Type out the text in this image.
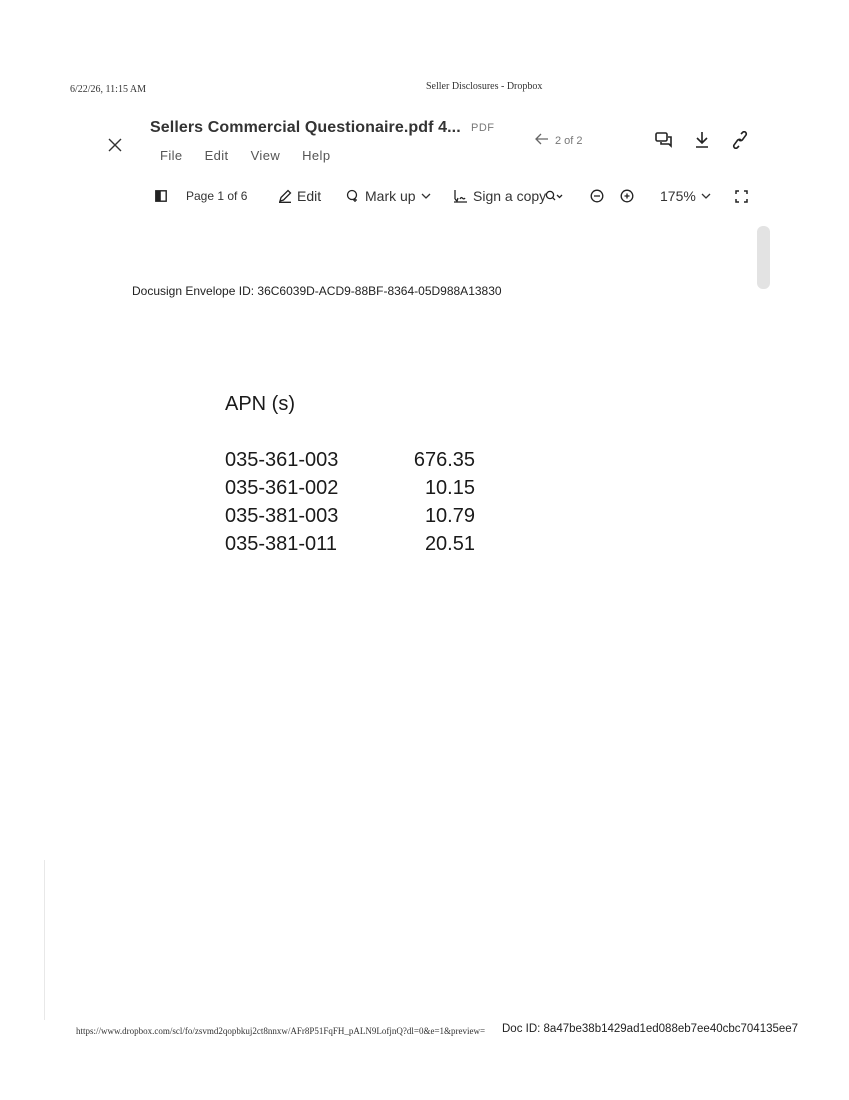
6/22/26, 11:15 AM	Seller Disclosures - Dropbox
Sellers Commercial Questionaire.pdf 4... PDF
File Edit View Help
2 of 2
Page 1 of 6	Edit	Mark up	Sign a copy	175%
Docusign Envelope ID: 36C6039D-ACD9-88BF-8364-05D988A13830
APN (s)
035-361-003	676.35
035-361-002	10.15
035-381-003	10.79
035-381-011	20.51
https://www.dropbox.com/scl/fo/zsvmd2qopbkuj2ct8nnxw/AFr8P51FqFH_pALN9LofjnQ?dl=0&e=1&preview=	Doc ID: 8a47be38b1429ad1ed088eb7ee40cbc704135ee7
